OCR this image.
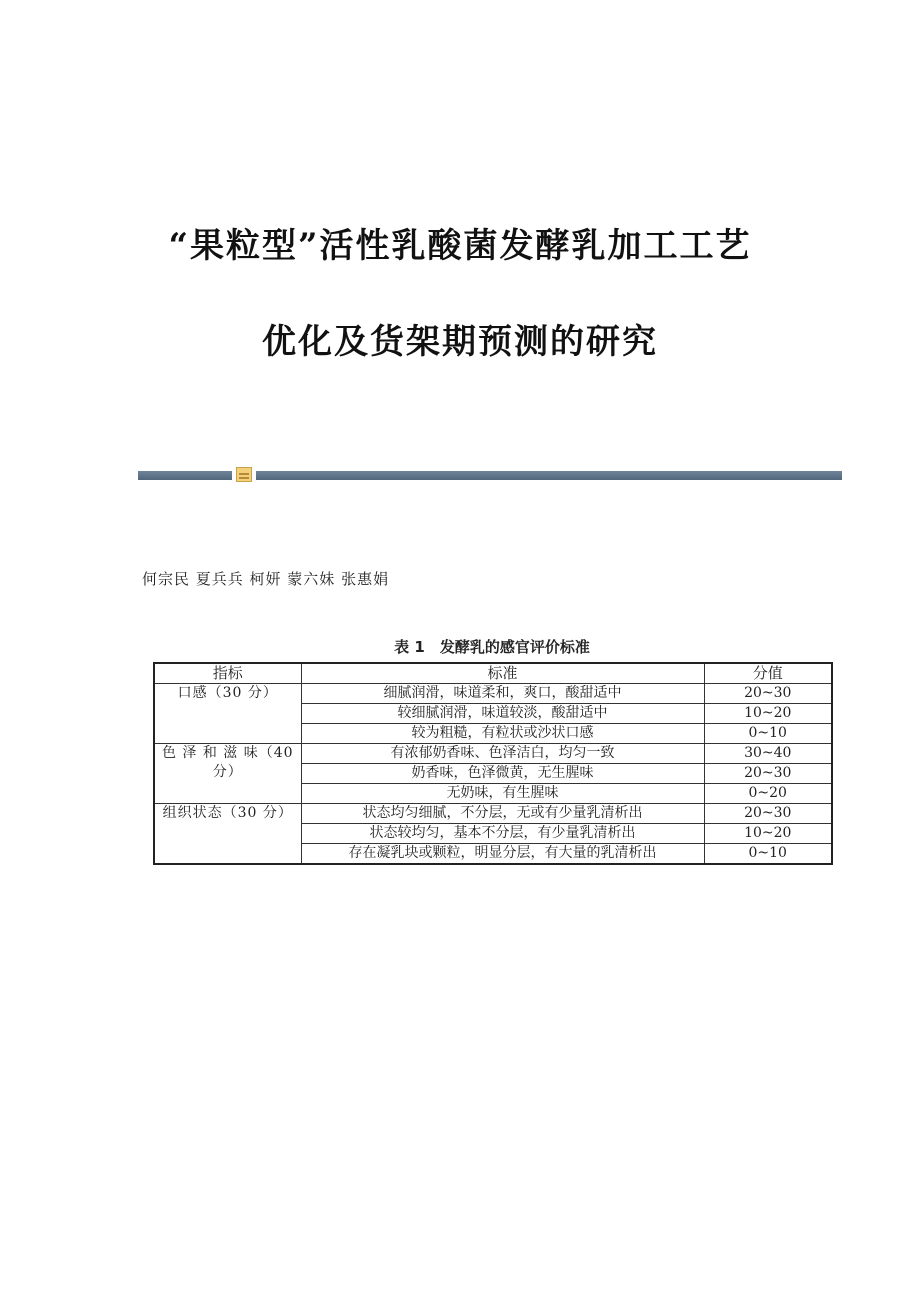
“果粒型”活性乳酸菌发酵乳加工工艺
优化及货架期预测的研究
何宗民 夏兵兵 柯妍 蒙六妹 张惠娟
表 1　发酵乳的感官评价标准
指标	标准	分值
口感（30 分）	细腻润滑，味道柔和，爽口，酸甜适中	20~30
	较细腻润滑，味道较淡，酸甜适中	10~20
	较为粗糙，有粒状或沙状口感	0~10
色 泽 和 滋 味（40 分）	有浓郁奶香味、色泽洁白，均匀一致	30~40
	奶香味，色泽微黄，无生腥味	20~30
	无奶味，有生腥味	0~20
组织状态（30 分）	状态均匀细腻，不分层，无或有少量乳清析出	20~30
	状态较均匀，基本不分层，有少量乳清析出	10~20
	存在凝乳块或颗粒，明显分层，有大量的乳清析出	0~10
